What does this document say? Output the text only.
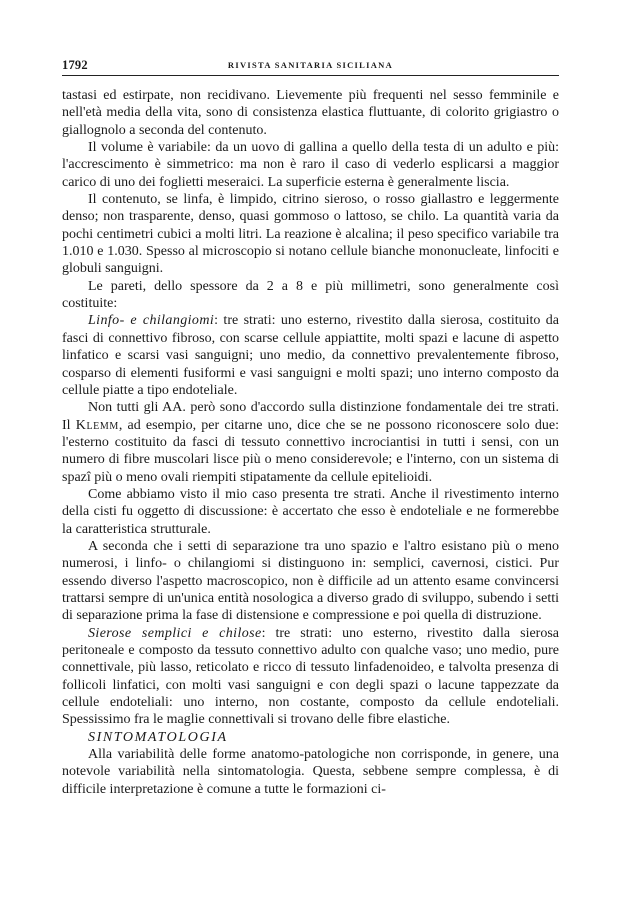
1792	RIVISTA SANITARIA SICILIANA

tastasi ed estirpate, non recidivano. Lievemente più frequenti nel sesso femminile e nell'età media della vita, sono di consistenza elastica fluttuante, di colorito grigiastro o giallognolo a seconda del contenuto.

Il volume è variabile: da un uovo di gallina a quello della testa di un adulto e più: l'accrescimento è simmetrico: ma non è raro il caso di vederlo esplicarsi a maggior carico di uno dei foglietti meseraici. La superficie esterna è generalmente liscia.

Il contenuto, se linfa, è limpido, citrino sieroso, o rosso giallastro e leggermente denso; non trasparente, denso, quasi gommoso o lattoso, se chilo. La quantità varia da pochi centimetri cubici a molti litri. La reazione è alcalina; il peso specifico variabile tra 1.010 e 1.030. Spesso al microscopio si notano cellule bianche mononucleate, linfociti e globuli sanguigni.

Le pareti, dello spessore da 2 a 8 e più millimetri, sono generalmente così costituite:

Linfo- e chilangiomi: tre strati: uno esterno, rivestito dalla sierosa, costituito da fasci di connettivo fibroso, con scarse cellule appiattite, molti spazi e lacune di aspetto linfatico e scarsi vasi sanguigni; uno medio, da connettivo prevalentemente fibroso, cosparso di elementi fusiformi e vasi sanguigni e molti spazi; uno interno composto da cellule piatte a tipo endoteliale.

Non tutti gli AA. però sono d'accordo sulla distinzione fondamentale dei tre strati. Il Klemm, ad esempio, per citarne uno, dice che se ne possono riconoscere solo due: l'esterno costituito da fasci di tessuto connettivo incrociantisi in tutti i sensi, con un numero di fibre muscolari lisce più o meno considerevole; e l'interno, con un sistema di spazî più o meno ovali riempiti stipatamente da cellule epitelioidi.

Come abbiamo visto il mio caso presenta tre strati. Anche il rivestimento interno della cisti fu oggetto di discussione: è accertato che esso è endoteliale e ne formerebbe la caratteristica strutturale.

A seconda che i setti di separazione tra uno spazio e l'altro esistano più o meno numerosi, i linfo- o chilangiomi si distinguono in: semplici, cavernosi, cistici. Pur essendo diverso l'aspetto macroscopico, non è difficile ad un attento esame convincersi trattarsi sempre di un'unica entità nosologica a diverso grado di sviluppo, subendo i setti di separazione prima la fase di distensione e compressione e poi quella di distruzione.

Sierose semplici e chilose: tre strati: uno esterno, rivestito dalla sierosa peritoneale e composto da tessuto connettivo adulto con qualche vaso; uno medio, pure connettivale, più lasso, reticolato e ricco di tessuto linfadenoideo, e talvolta presenza di follicoli linfatici, con molti vasi sanguigni e con degli spazi o lacune tappezzate da cellule endoteliali: uno interno, non costante, composto da cellule endoteliali. Spessissimo fra le maglie connettivali si trovano delle fibre elastiche.

SINTOMATOLOGIA

Alla variabilità delle forme anatomo-patologiche non corrisponde, in genere, una notevole variabilità nella sintomatologia. Questa, sebbene sempre complessa, è di difficile interpretazione è comune a tutte le formazioni ci-
